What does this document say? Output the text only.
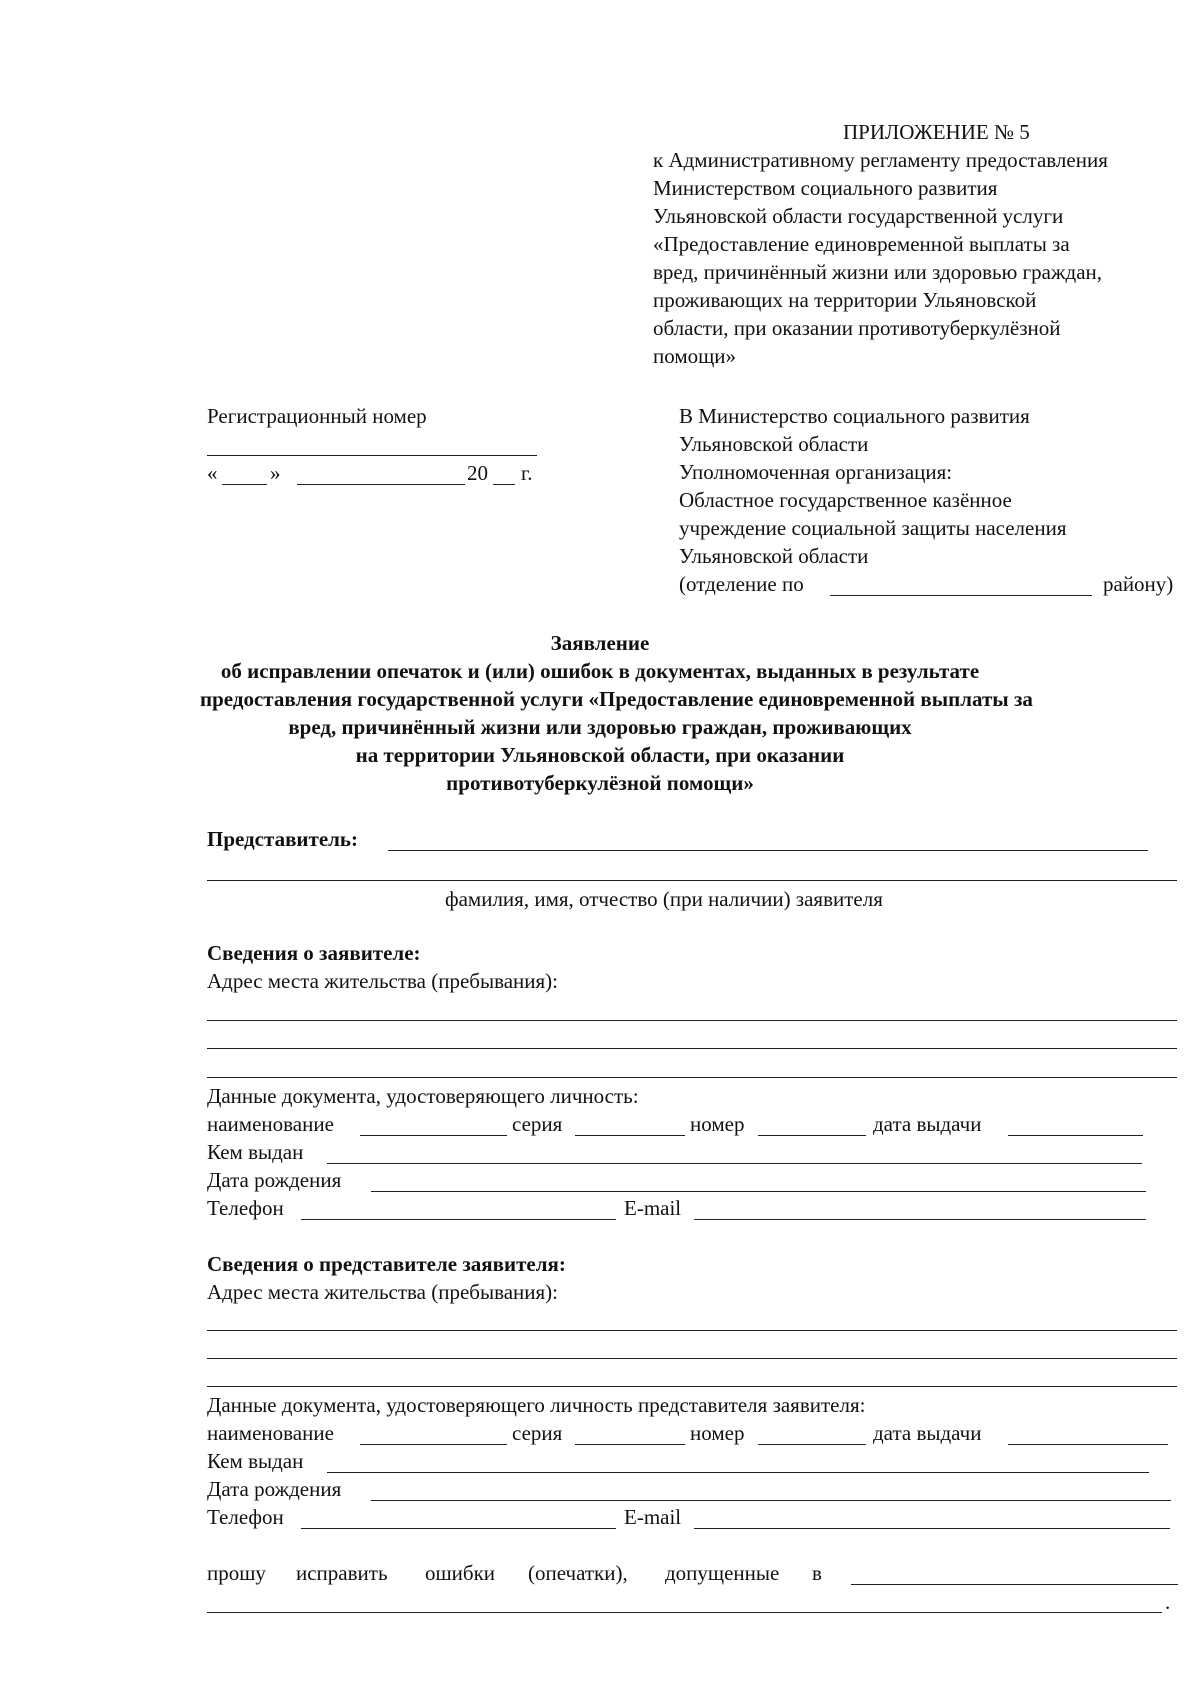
ПРИЛОЖЕНИЕ № 5
к Административному регламенту предоставления
Министерством социального развития
Ульяновской области государственной услуги
«Предоставление единовременной выплаты за
вред, причинённый жизни или здоровью граждан,
проживающих на территории Ульяновской
области, при оказании противотуберкулёзной
помощи»
Регистрационный номер
«	»	20 г.
В Министерство социального развития
Ульяновской области
Уполномоченная организация:
Областное государственное казённое
учреждение социальной защиты населения
Ульяновской области
(отделение по	району)
Заявление
об исправлении опечаток и (или) ошибок в документах, выданных в результате
предоставления государственной услуги «Предоставление единовременной выплаты за
вред, причинённый жизни или здоровью граждан, проживающих
на территории Ульяновской области, при оказании
противотуберкулёзной помощи»
Представитель:
фамилия, имя, отчество (при наличии) заявителя
Сведения о заявителе:
Адрес места жительства (пребывания):
Данные документа, удостоверяющего личность:
наименование	серия	номер	дата выдачи
Кем выдан
Дата рождения
Телефон	E-mail
Сведения о представителе заявителя:
Адрес места жительства (пребывания):
Данные документа, удостоверяющего личность представителя заявителя:
наименование	серия	номер	дата выдачи
Кем выдан
Дата рождения
Телефон	E-mail
прошу исправить ошибки (опечатки), допущенные в
.
